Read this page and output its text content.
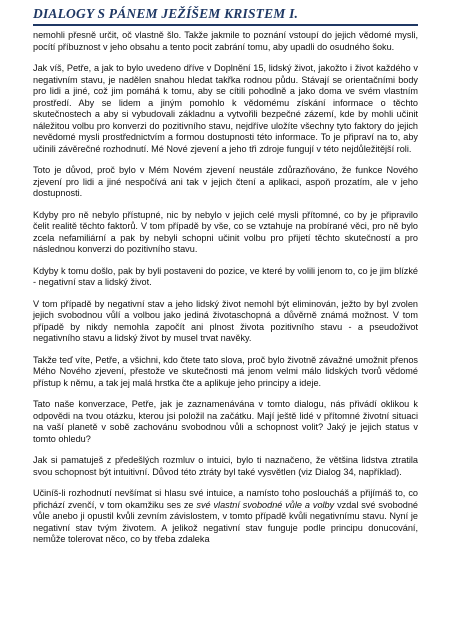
DIALOGY S PÁNEM JEŽÍŠEM KRISTEM I.

nemohli přesně určit, oč vlastně šlo. Takže jakmile to poznání vstoupí do jejich vědomé mysli, pocítí příbuznost v jeho obsahu a tento pocit zabrání tomu, aby upadli do osudného šoku.

Jak víš, Petře, a jak to bylo uvedeno dříve v Doplnění 15, lidský život, jakožto i život každého v negativním stavu, je nadělen snahou hledat takřka rodnou půdu. Stávají se orientačními body pro lidi a jiné, což jim pomáhá k tomu, aby se cítili pohodlně a jako doma ve svém vlastním prostředí. Aby se lidem a jiným pomohlo k vědomému získání informace o těchto skutečnostech a aby si vybudovali základnu a vytvořili bezpečné zázemí, kde by mohli učinit náležitou volbu pro konverzi do pozitivního stavu, nejdříve uložíte všechny tyto faktory do jejich nevědomé mysli prostřednictvím a formou dostupnosti této informace. To je připraví na to, aby učinili závěrečné rozhodnutí. Mé Nové zjevení a jeho tři zdroje fungují v této nejdůležitější roli.

Toto je důvod, proč bylo v Mém Novém zjevení neustále zdůrazňováno, že funkce Nového zjevení pro lidi a jiné nespočívá ani tak v jejich čtení a aplikaci, aspoň prozatím, ale v jeho dostupnosti.

Kdyby pro ně nebylo přístupné, nic by nebylo v jejich celé mysli přítomné, co by je připravilo čelit realitě těchto faktorů. V tom případě by vše, co se vztahuje na probírané věci, pro ně bylo zcela nefamiliární a pak by nebyli schopni učinit volbu pro přijetí těchto skutečností a pro následnou konverzi do pozitivního stavu.

Kdyby k tomu došlo, pak by byli postaveni do pozice, ve které by volili jenom to, co je jim blízké - negativní stav a lidský život.

V tom případě by negativní stav a jeho lidský život nemohl být eliminován, ježto by byl zvolen jejich svobodnou vůlí a volbou jako jediná životaschopná a důvěrně známá možnost. V tom případě by nikdy nemohla započít ani plnost života pozitivního stavu - a pseudoživot negativního stavu a lidský život by musel trvat navěky.

Takže teď víte, Petře, a všichni, kdo čtete tato slova, proč bylo životně závažné umožnit přenos Mého Nového zjevení, přestože ve skutečnosti má jenom velmi málo lidských tvorů vědomé přístup k němu, a tak jej malá hrstka čte a aplikuje jeho principy a ideje.

Tato naše konverzace, Petře, jak je zaznamenávána v tomto dialogu, nás přivádí oklikou k odpovědi na tvou otázku, kterou jsi položil na začátku. Mají ještě lidé v přítomné životní situaci na vaší planetě v sobě zachovánu svobodnou vůli a schopnost volit? Jaký je jejich status v tomto ohledu?

Jak si pamatuješ z předešlých rozmluv o intuici, bylo ti naznačeno, že většina lidstva ztratila svou schopnost být intuitivní. Důvod této ztráty byl také vysvětlen (viz Dialog 34, například).

Učiníš-li rozhodnutí nevšímat si hlasu své intuice, a namísto toho posloucháš a přijímáš to, co přichází zvenčí, v tom okamžiku ses ze své vlastní svobodné vůle a volby vzdal své svobodné vůle anebo ji opustil kvůli zevním závislostem, v tomto případě kvůli negativnímu stavu. Nyní je negativní stav tvým životem. A jelikož negativní stav funguje podle principu donucování, nemůže tolerovat něco, co by třeba zdaleka
